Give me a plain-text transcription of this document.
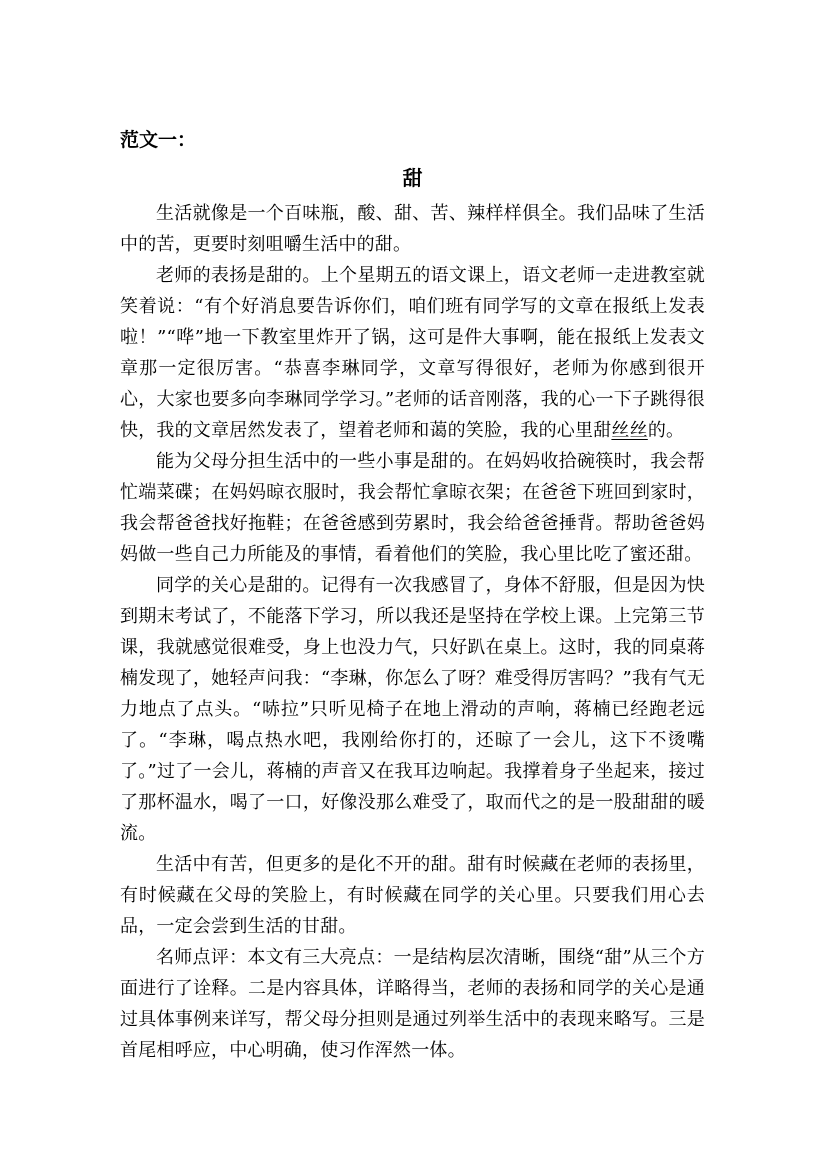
范文一：
甜

生活就像是一个百味瓶，酸、甜、苦、辣样样俱全。我们品味了生活中的苦，更要时刻咀嚼生活中的甜。

老师的表扬是甜的。上个星期五的语文课上，语文老师一走进教室就笑着说：“有个好消息要告诉你们，咱们班有同学写的文章在报纸上发表啦！”“哗”地一下教室里炸开了锅，这可是件大事啊，能在报纸上发表文章那一定很厉害。“恭喜李琳同学，文章写得很好，老师为你感到很开心，大家也要多向李琳同学学习。”老师的话音刚落，我的心一下子跳得很快，我的文章居然发表了，望着老师和蔼的笑脸，我的心里甜丝丝的。

能为父母分担生活中的一些小事是甜的。在妈妈收拾碗筷时，我会帮忙端菜碟；在妈妈晾衣服时，我会帮忙拿晾衣架；在爸爸下班回到家时，我会帮爸爸找好拖鞋；在爸爸感到劳累时，我会给爸爸捶背。帮助爸爸妈妈做一些自己力所能及的事情，看着他们的笑脸，我心里比吃了蜜还甜。

同学的关心是甜的。记得有一次我感冒了，身体不舒服，但是因为快到期末考试了，不能落下学习，所以我还是坚持在学校上课。上完第三节课，我就感觉很难受，身上也没力气，只好趴在桌上。这时，我的同桌蒋楠发现了，她轻声问我：“李琳，你怎么了呀？难受得厉害吗？”我有气无力地点了点头。“哧拉”只听见椅子在地上滑动的声响，蒋楠已经跑老远了。“李琳，喝点热水吧，我刚给你打的，还晾了一会儿，这下不烫嘴了。”过了一会儿，蒋楠的声音又在我耳边响起。我撑着身子坐起来，接过了那杯温水，喝了一口，好像没那么难受了，取而代之的是一股甜甜的暖流。

生活中有苦，但更多的是化不开的甜。甜有时候藏在老师的表扬里，有时候藏在父母的笑脸上，有时候藏在同学的关心里。只要我们用心去品，一定会尝到生活的甘甜。

名师点评：本文有三大亮点：一是结构层次清晰，围绕“甜”从三个方面进行了诠释。二是内容具体，详略得当，老师的表扬和同学的关心是通过具体事例来详写，帮父母分担则是通过列举生活中的表现来略写。三是首尾相呼应，中心明确，使习作浑然一体。
